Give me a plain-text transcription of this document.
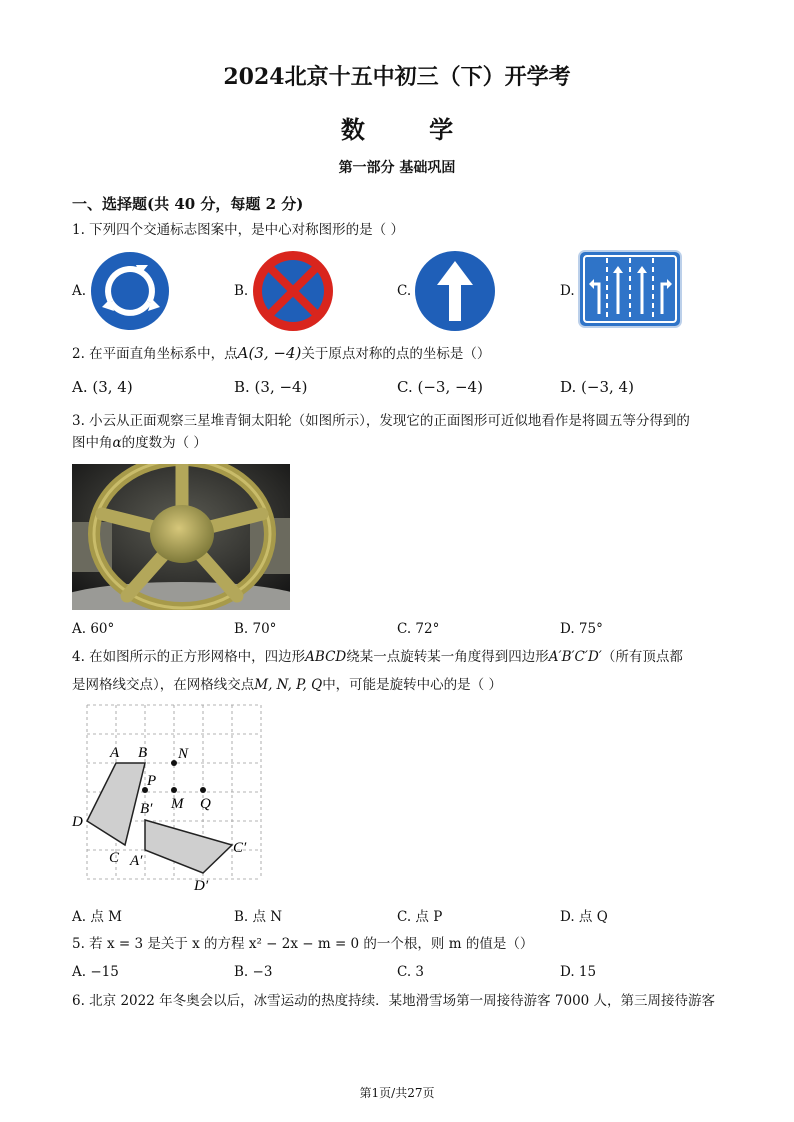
2024北京十五中初三（下）开学考
数 学
第一部分 基础巩固
一、选择题(共 40 分，每题 2 分)
1. 下列四个交通标志图案中，是中心对称图形的是（ ）
A.	B.	C.	D.
2. 在平面直角坐标系中，点A(3, −4)关于原点对称的点的坐标是（）
A. (3, 4)	B. (3, −4)	C. (−3, −4)	D. (−3, 4)
3. 小云从正面观察三星堆青铜太阳轮（如图所示），发现它的正面图形可近似地看作是将圆五等分得到的
图中角α的度数为（ ）
A. 60°	B. 70°	C. 72°	D. 75°
4. 在如图所示的正方形网格中，四边形ABCD绕某一点旋转某一角度得到四边形A′B′C′D′（所有顶点都
是网格线交点），在网格线交点M, N, P, Q中，可能是旋转中心的是（ ）
A B
C
D
N
P
M Q
B′
A′
C′
D′
A. 点 M	B. 点 N	C. 点 P	D. 点 Q
5. 若 x = 3 是关于 x 的方程 x² − 2x − m = 0 的一个根，则 m 的值是（）
A. −15	B. −3	C. 3	D. 15
6. 北京 2022 年冬奥会以后，冰雪运动的热度持续．某地滑雪场第一周接待游客 7000 人，第三周接待游客
第1页/共27页
